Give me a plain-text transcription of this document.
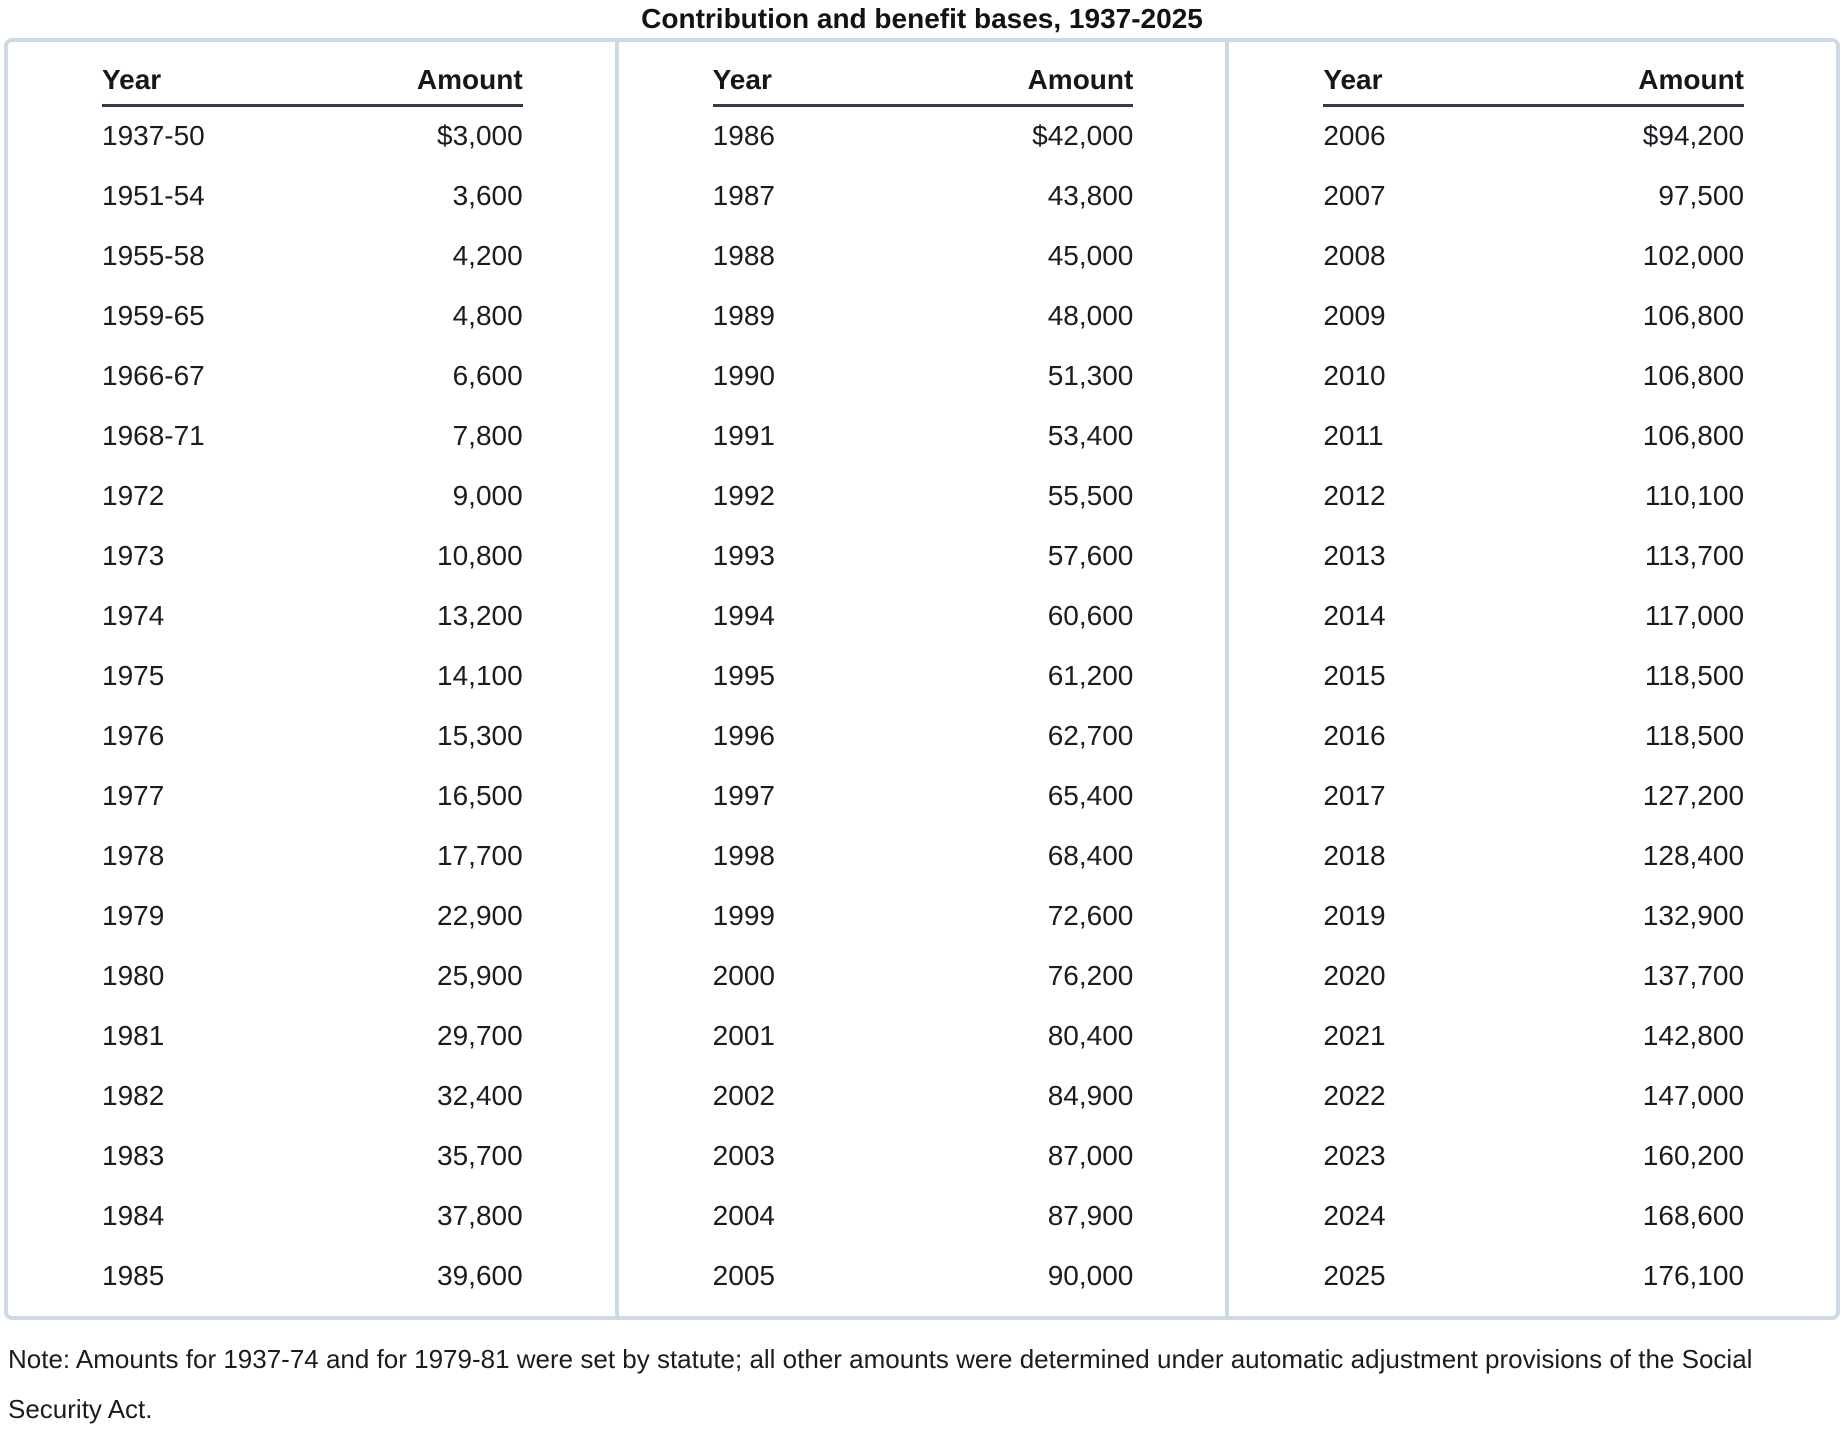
Contribution and benefit bases, 1937-2025
Year	Amount
1937-50	$3,000
1951-54	3,600
1955-58	4,200
1959-65	4,800
1966-67	6,600
1968-71	7,800
1972	9,000
1973	10,800
1974	13,200
1975	14,100
1976	15,300
1977	16,500
1978	17,700
1979	22,900
1980	25,900
1981	29,700
1982	32,400
1983	35,700
1984	37,800
1985	39,600
Year	Amount
1986	$42,000
1987	43,800
1988	45,000
1989	48,000
1990	51,300
1991	53,400
1992	55,500
1993	57,600
1994	60,600
1995	61,200
1996	62,700
1997	65,400
1998	68,400
1999	72,600
2000	76,200
2001	80,400
2002	84,900
2003	87,000
2004	87,900
2005	90,000
Year	Amount
2006	$94,200
2007	97,500
2008	102,000
2009	106,800
2010	106,800
2011	106,800
2012	110,100
2013	113,700
2014	117,000
2015	118,500
2016	118,500
2017	127,200
2018	128,400
2019	132,900
2020	137,700
2021	142,800
2022	147,000
2023	160,200
2024	168,600
2025	176,100
Note: Amounts for 1937-74 and for 1979-81 were set by statute; all other amounts were determined under automatic adjustment provisions of the Social Security Act.
